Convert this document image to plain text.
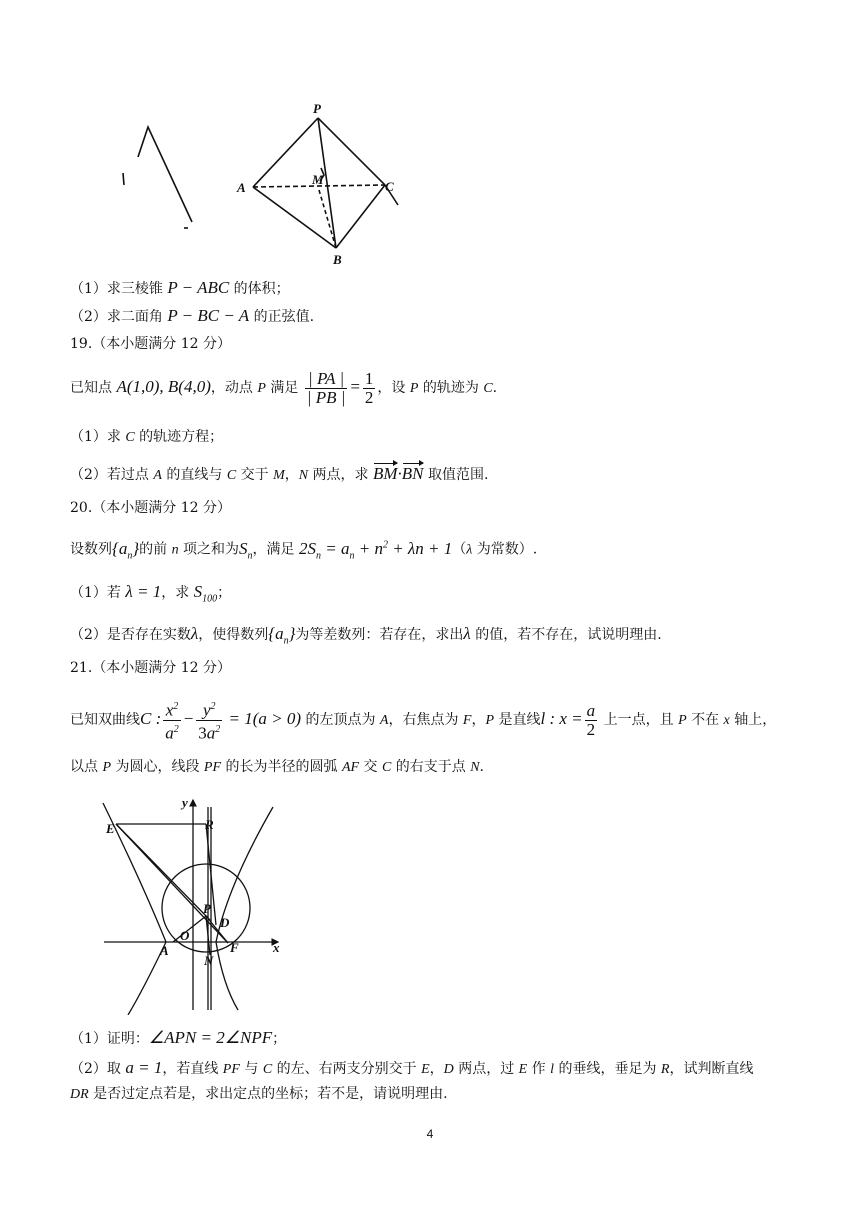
P
A
M	C
B
（1）求三棱锥 P − ABC 的体积；
（2）求二面角 P − BC − A 的正弦值.
19.（本小题满分 12 分）
已知点 A(1,0), B(4,0)，动点 P 满足 $\frac{| PA |}{| PB |} = \frac{1}{2}$ ，设 P 的轨迹为 C.
（1）求 C 的轨迹方程；
（2）若过点 A 的直线与 C 交于 M，N 两点，求 BM·BN 取值范围.
20.（本小题满分 12 分）
设数列$\{a_n\}$的前 n 项之和为$S_n$，满足 $2S_n = a_n + n^2 + \lambda n + 1(\lambda$ 为常数）.
（1）若 λ = 1，求 $S_{100}$；
（2）是否存在实数λ，使得数列$\{a_n\}$为等差数列：若存在，求出λ 的值，若不存在，试说明理由.
21.（本小题满分 12 分）
已知双曲线C : $\frac{x^2}{a^2} - \frac{y^2}{3a^2} = 1(a > 0)$ 的左顶点为 A，右焦点为 F，P 是直线l : $x = \frac{a}{2}$ 上一点，且 P 不在 x 轴上，
以点 P 为圆心，线段 PF 的长为半径的圆弧 AF 交 C 的右支于点 N.
E	R
y
x
P
D
O
A
N
F
（1）证明：∠APN = 2∠NPF；
（2）取 a = 1，若直线 PF 与 C 的左、右两支分别交于 E，D 两点，过 E 作 l 的垂线，垂足为 R，试判断直线
DR 是否过定点若是，求出定点的坐标；若不是，请说明理由.
4
